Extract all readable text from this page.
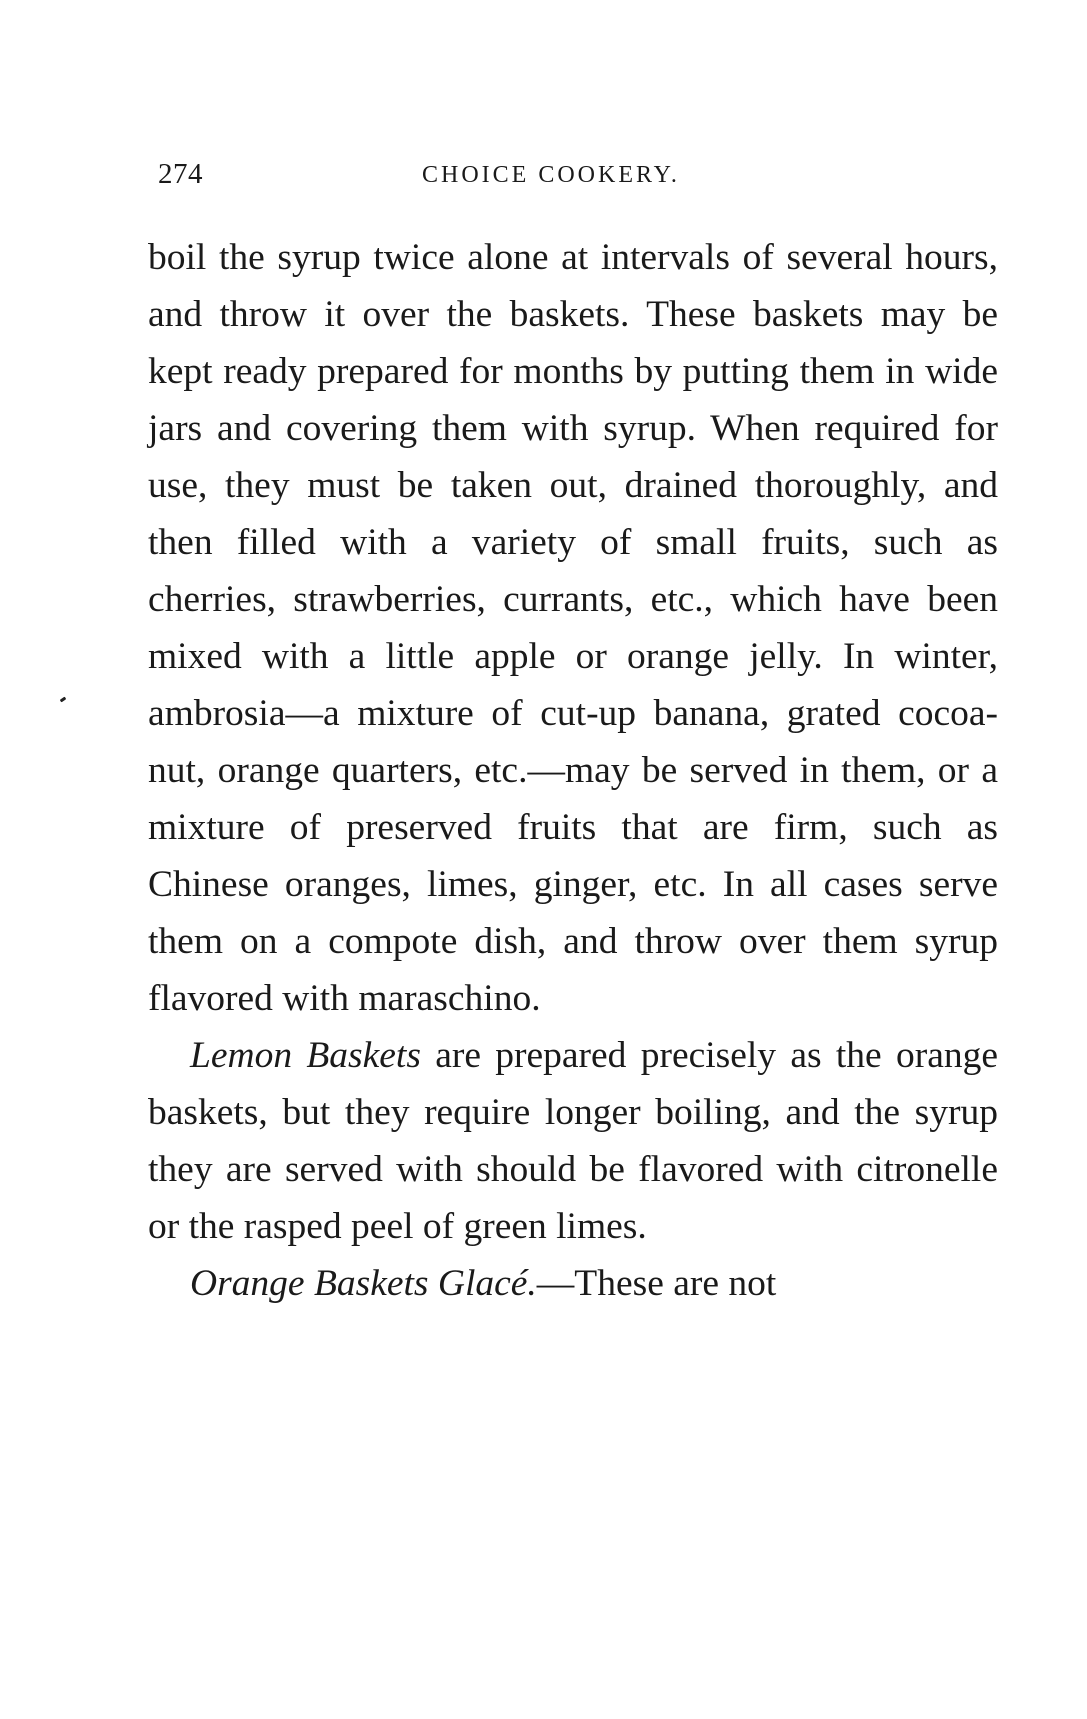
274	CHOICE COOKERY.

boil the syrup twice alone at intervals of several hours, and throw it over the baskets. These baskets may be kept ready prepared for months by putting them in wide jars and covering them with syrup. When required for use, they must be taken out, drained thoroughly, and then filled with a variety of small fruits, such as cherries, strawberries, currants, etc., which have been mixed with a little apple or orange jelly. In winter, ambrosia—a mixture of cut-up banana, grated cocoa-nut, orange quarters, etc.—may be served in them, or a mixture of preserved fruits that are firm, such as Chinese oranges, limes, ginger, etc. In all cases serve them on a compote dish, and throw over them syrup flavored with maraschino.

Lemon Baskets are prepared precisely as the orange baskets, but they require longer boiling, and the syrup they are served with should be flavored with citronelle or the rasped peel of green limes.

Orange Baskets Glacé.—These are not
